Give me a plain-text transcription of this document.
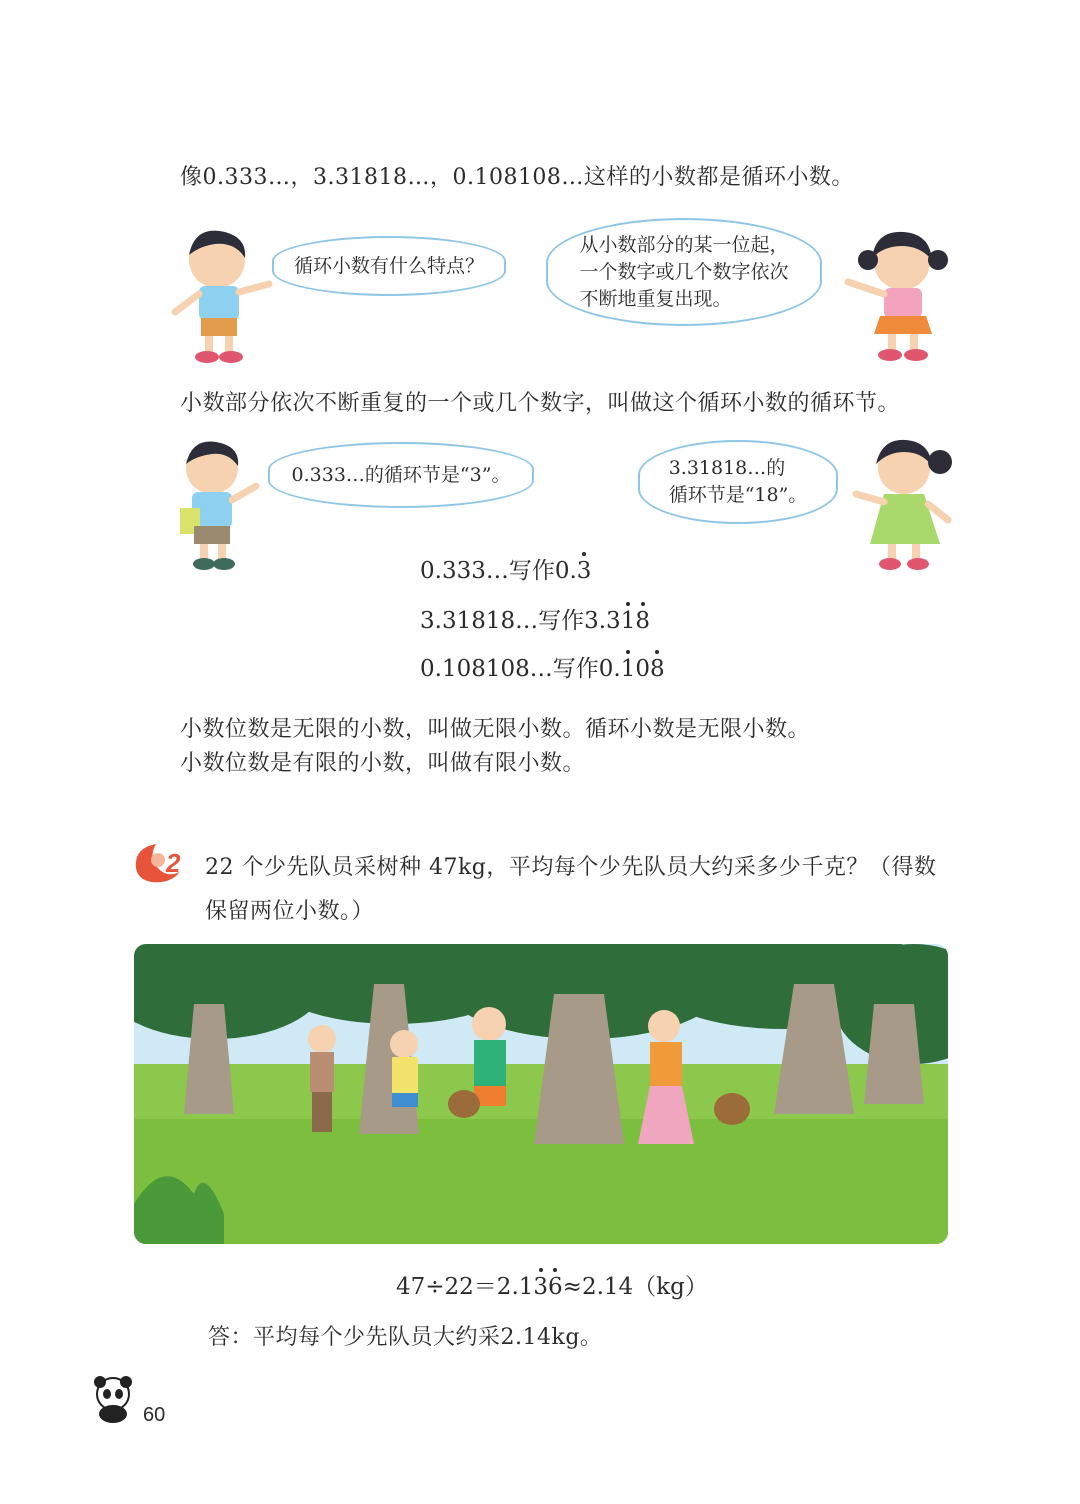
像0.333…，3.31818…，0.108108…这样的小数都是循环小数。
循环小数有什么特点？
从小数部分的某一位起，
一个数字或几个数字依次
不断地重复出现。
小数部分依次不断重复的一个或几个数字，叫做这个循环小数的循环节。
0.333…的循环节是“3”。	3.31818…的
循环节是“18”。
0.333…写作0.3
3.31818…写作3.318
0.108108…写作0.108
小数位数是无限的小数，叫做无限小数。循环小数是无限小数。
小数位数是有限的小数，叫做有限小数。
2 22 个少先队员采树种 47kg，平均每个少先队员大约采多少千克？（得数
保留两位小数。）
47÷22＝2.136≈2.14（kg）
答：平均每个少先队员大约采2.14kg。
60
